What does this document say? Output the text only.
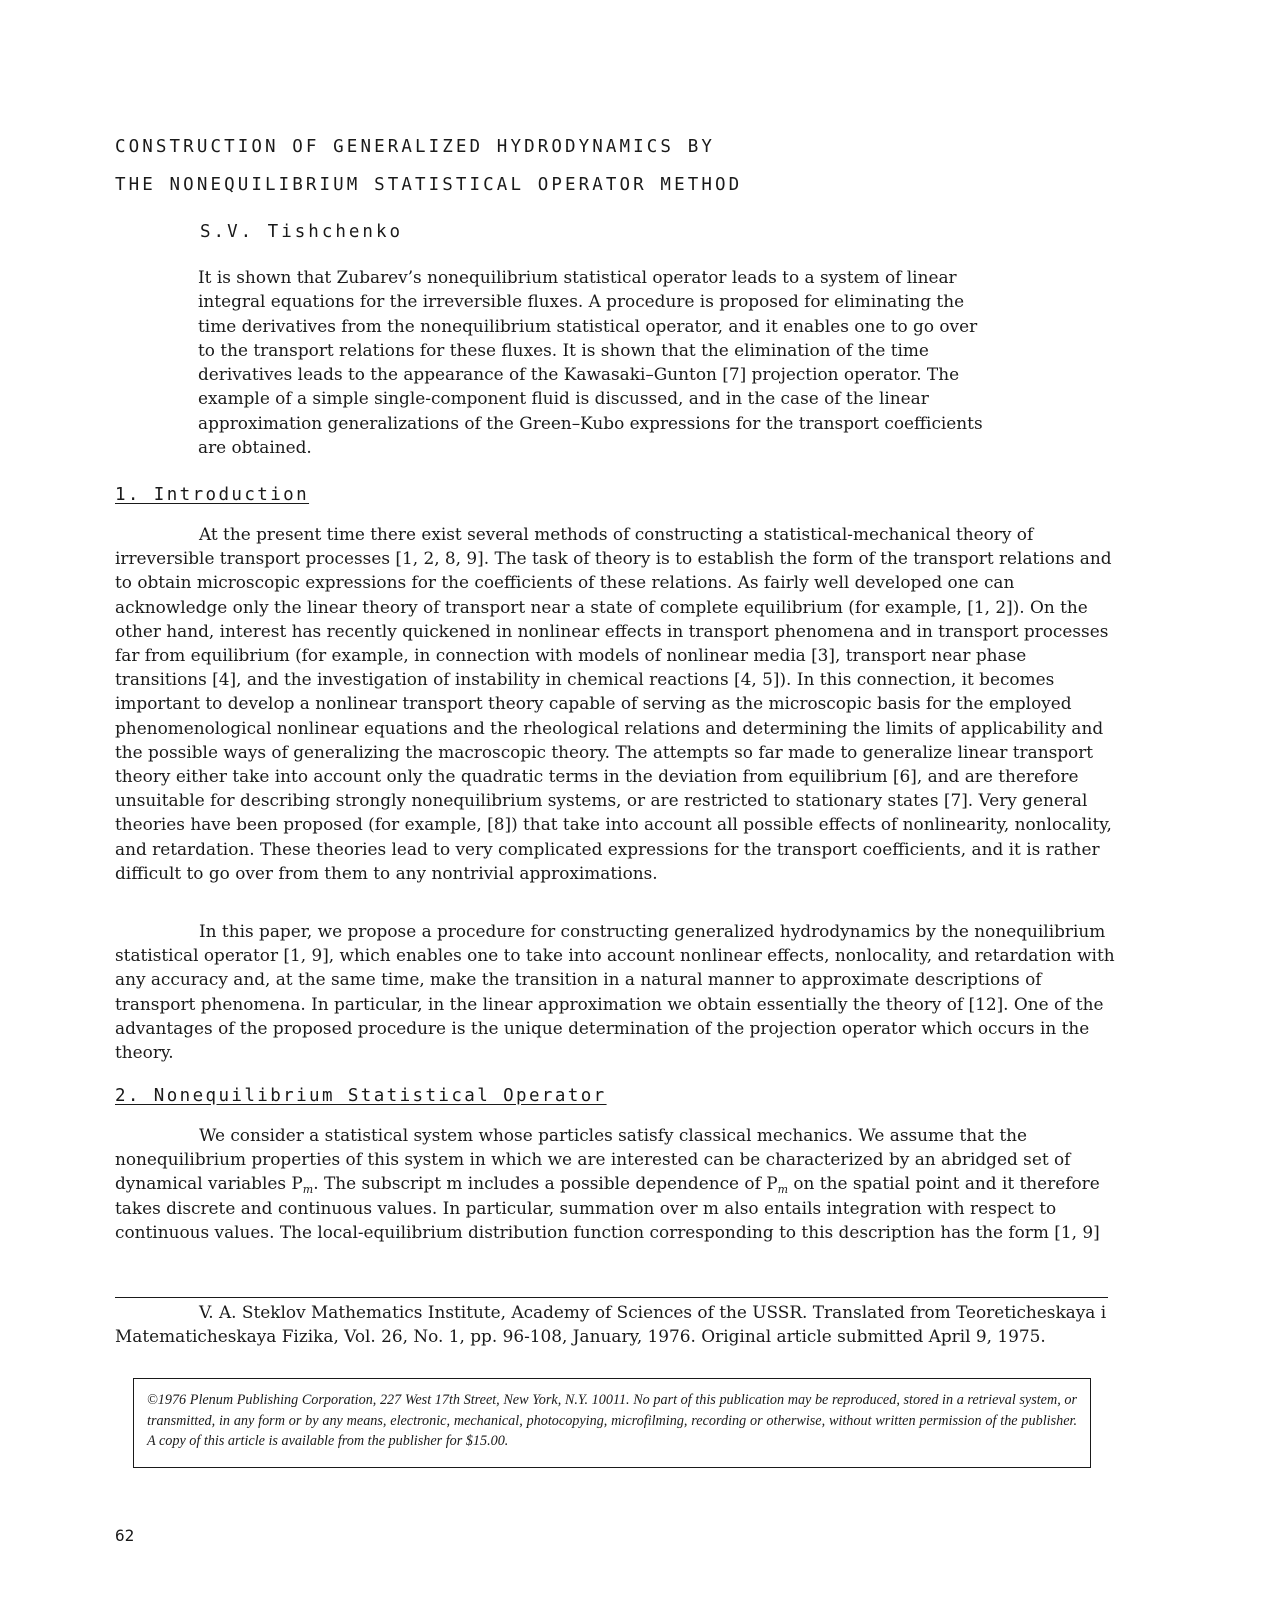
CONSTRUCTION OF GENERALIZED HYDRODYNAMICS BY
THE NONEQUILIBRIUM STATISTICAL OPERATOR METHOD
S.V. Tishchenko

It is shown that Zubarev’s nonequilibrium statistical operator leads to a system of linear integral equations for the irreversible fluxes. A procedure is proposed for eliminating the time derivatives from the nonequilibrium statistical operator, and it enables one to go over to the transport relations for these fluxes. It is shown that the elimination of the time derivatives leads to the appearance of the Kawasaki–Gunton [7] projection operator. The example of a simple single-component fluid is discussed, and in the case of the linear approximation generalizations of the Green–Kubo expressions for the transport coefficients are obtained.

1. Introduction

At the present time there exist several methods of constructing a statistical-mechanical theory of irreversible transport processes [1, 2, 8, 9]. The task of theory is to establish the form of the transport relations and to obtain microscopic expressions for the coefficients of these relations. As fairly well developed one can acknowledge only the linear theory of transport near a state of complete equilibrium (for example, [1, 2]). On the other hand, interest has recently quickened in nonlinear effects in transport phenomena and in transport processes far from equilibrium (for example, in connection with models of nonlinear media [3], transport near phase transitions [4], and the investigation of instability in chemical reactions [4, 5]). In this connection, it becomes important to develop a nonlinear transport theory capable of serving as the microscopic basis for the employed phenomenological nonlinear equations and the rheological relations and determining the limits of applicability and the possible ways of generalizing the macroscopic theory. The attempts so far made to generalize linear transport theory either take into account only the quadratic terms in the deviation from equilibrium [6], and are therefore unsuitable for describing strongly nonequilibrium systems, or are restricted to stationary states [7]. Very general theories have been proposed (for example, [8]) that take into account all possible effects of nonlinearity, nonlocality, and retardation. These theories lead to very complicated expressions for the transport coefficients, and it is rather difficult to go over from them to any nontrivial approximations.

In this paper, we propose a procedure for constructing generalized hydrodynamics by the nonequilibrium statistical operator [1, 9], which enables one to take into account nonlinear effects, nonlocality, and retardation with any accuracy and, at the same time, make the transition in a natural manner to approximate descriptions of transport phenomena. In particular, in the linear approximation we obtain essentially the theory of [12]. One of the advantages of the proposed procedure is the unique determination of the projection operator which occurs in the theory.

2. Nonequilibrium Statistical Operator

We consider a statistical system whose particles satisfy classical mechanics. We assume that the nonequilibrium properties of this system in which we are interested can be characterized by an abridged set of dynamical variables $P_m$. The subscript m includes a possible dependence of $P_m$ on the spatial point and it therefore takes discrete and continuous values. In particular, summation over m also entails integration with respect to continuous values. The local-equilibrium distribution function corresponding to this description has the form [1, 9]

V. A. Steklov Mathematics Institute, Academy of Sciences of the USSR. Translated from Teoreticheskaya i Matematicheskaya Fizika, Vol. 26, No. 1, pp. 96-108, January, 1976. Original article submitted April 9, 1975.

©1976 Plenum Publishing Corporation, 227 West 17th Street, New York, N.Y. 10011. No part of this publication may be reproduced, stored in a retrieval system, or transmitted, in any form or by any means, electronic, mechanical, photocopying, microfilming, recording or otherwise, without written permission of the publisher. A copy of this article is available from the publisher for $15.00.

62
